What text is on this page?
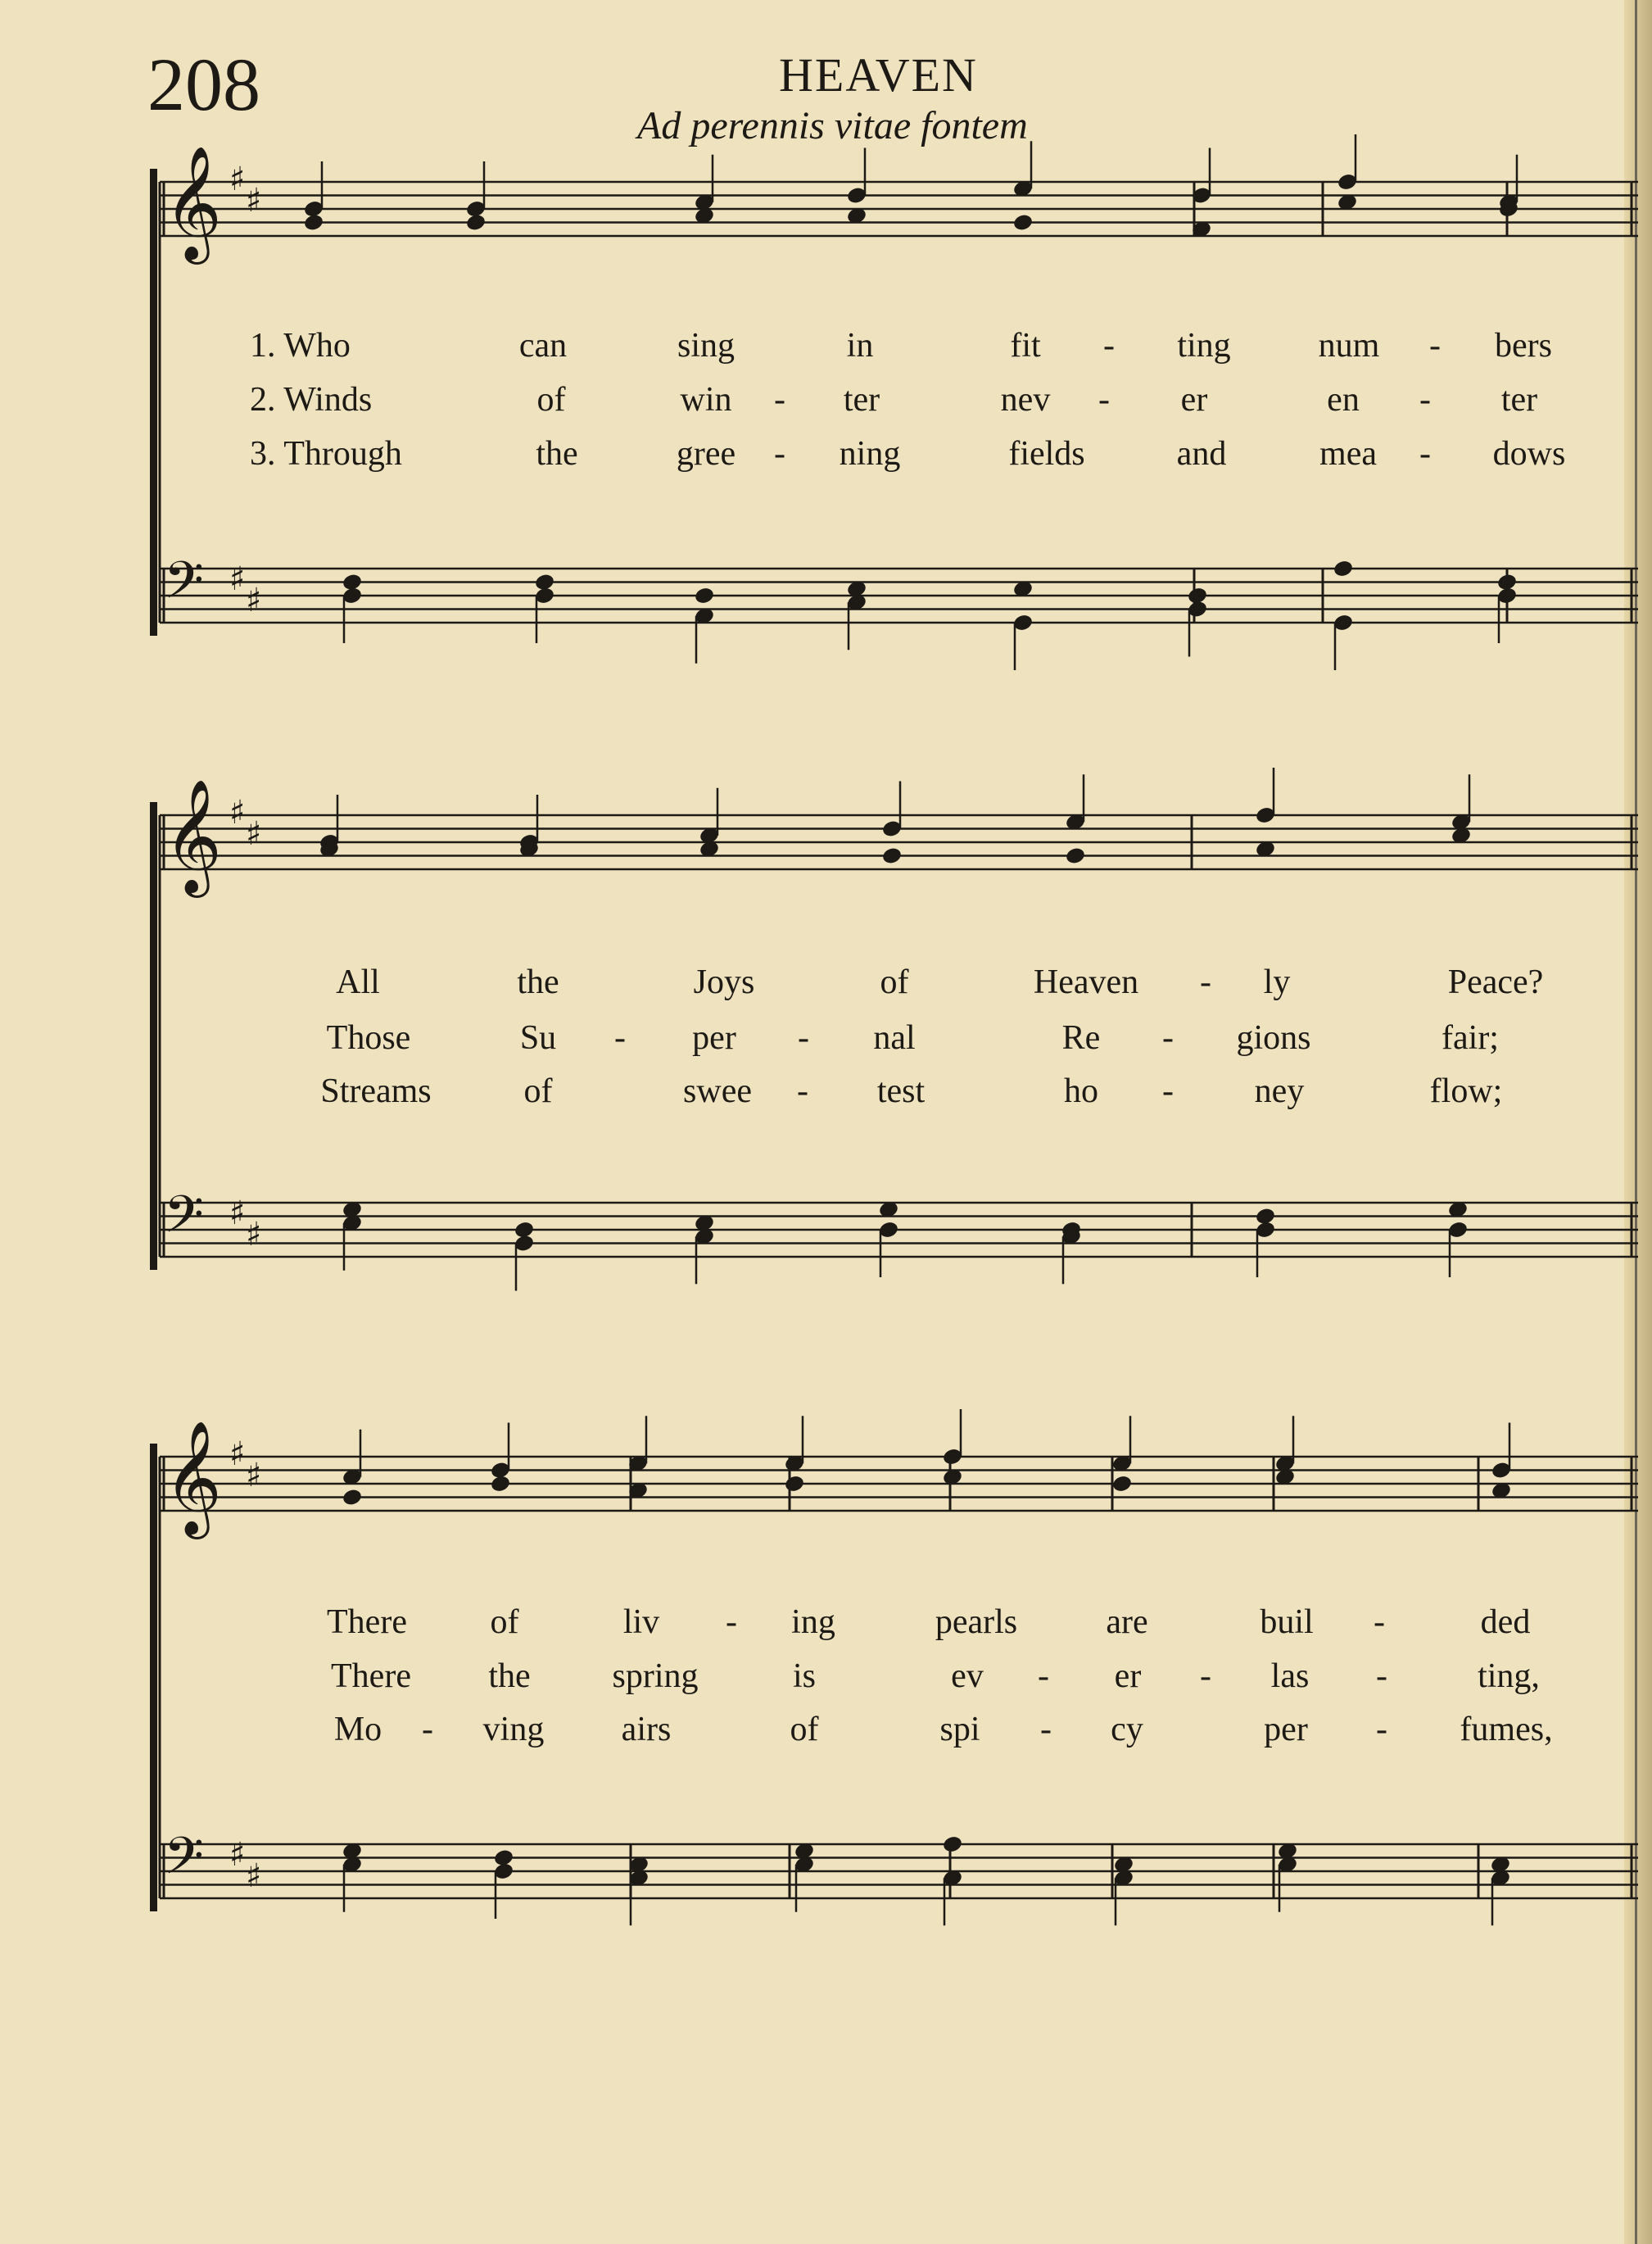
208	HEAVEN
Ad perennis vitae fontem
𝄞 ♯
♯
𝄢 ♯
♯
𝄞 ♯
♯
𝄢 ♯
♯
𝄞 ♯
♯
𝄢 ♯
♯
1. Who	can	sing	in	fit - ting	num - bers
2. Winds	of	win - ter	nev - er	en - ter
3. Through	the	gree - ning	fields	and	mea - dows
All	the	Joys	of	Heaven - ly	Peace?
Those	Su - per - nal	Re - gions	fair;
Streams	of	swee - test	ho - ney	flow;
There of	liv - ing	pearls	are	buil -	ded
There the spring	is	ev - er - las -	ting,
Mo - ving airs	of	spi - cy	per - fumes,
